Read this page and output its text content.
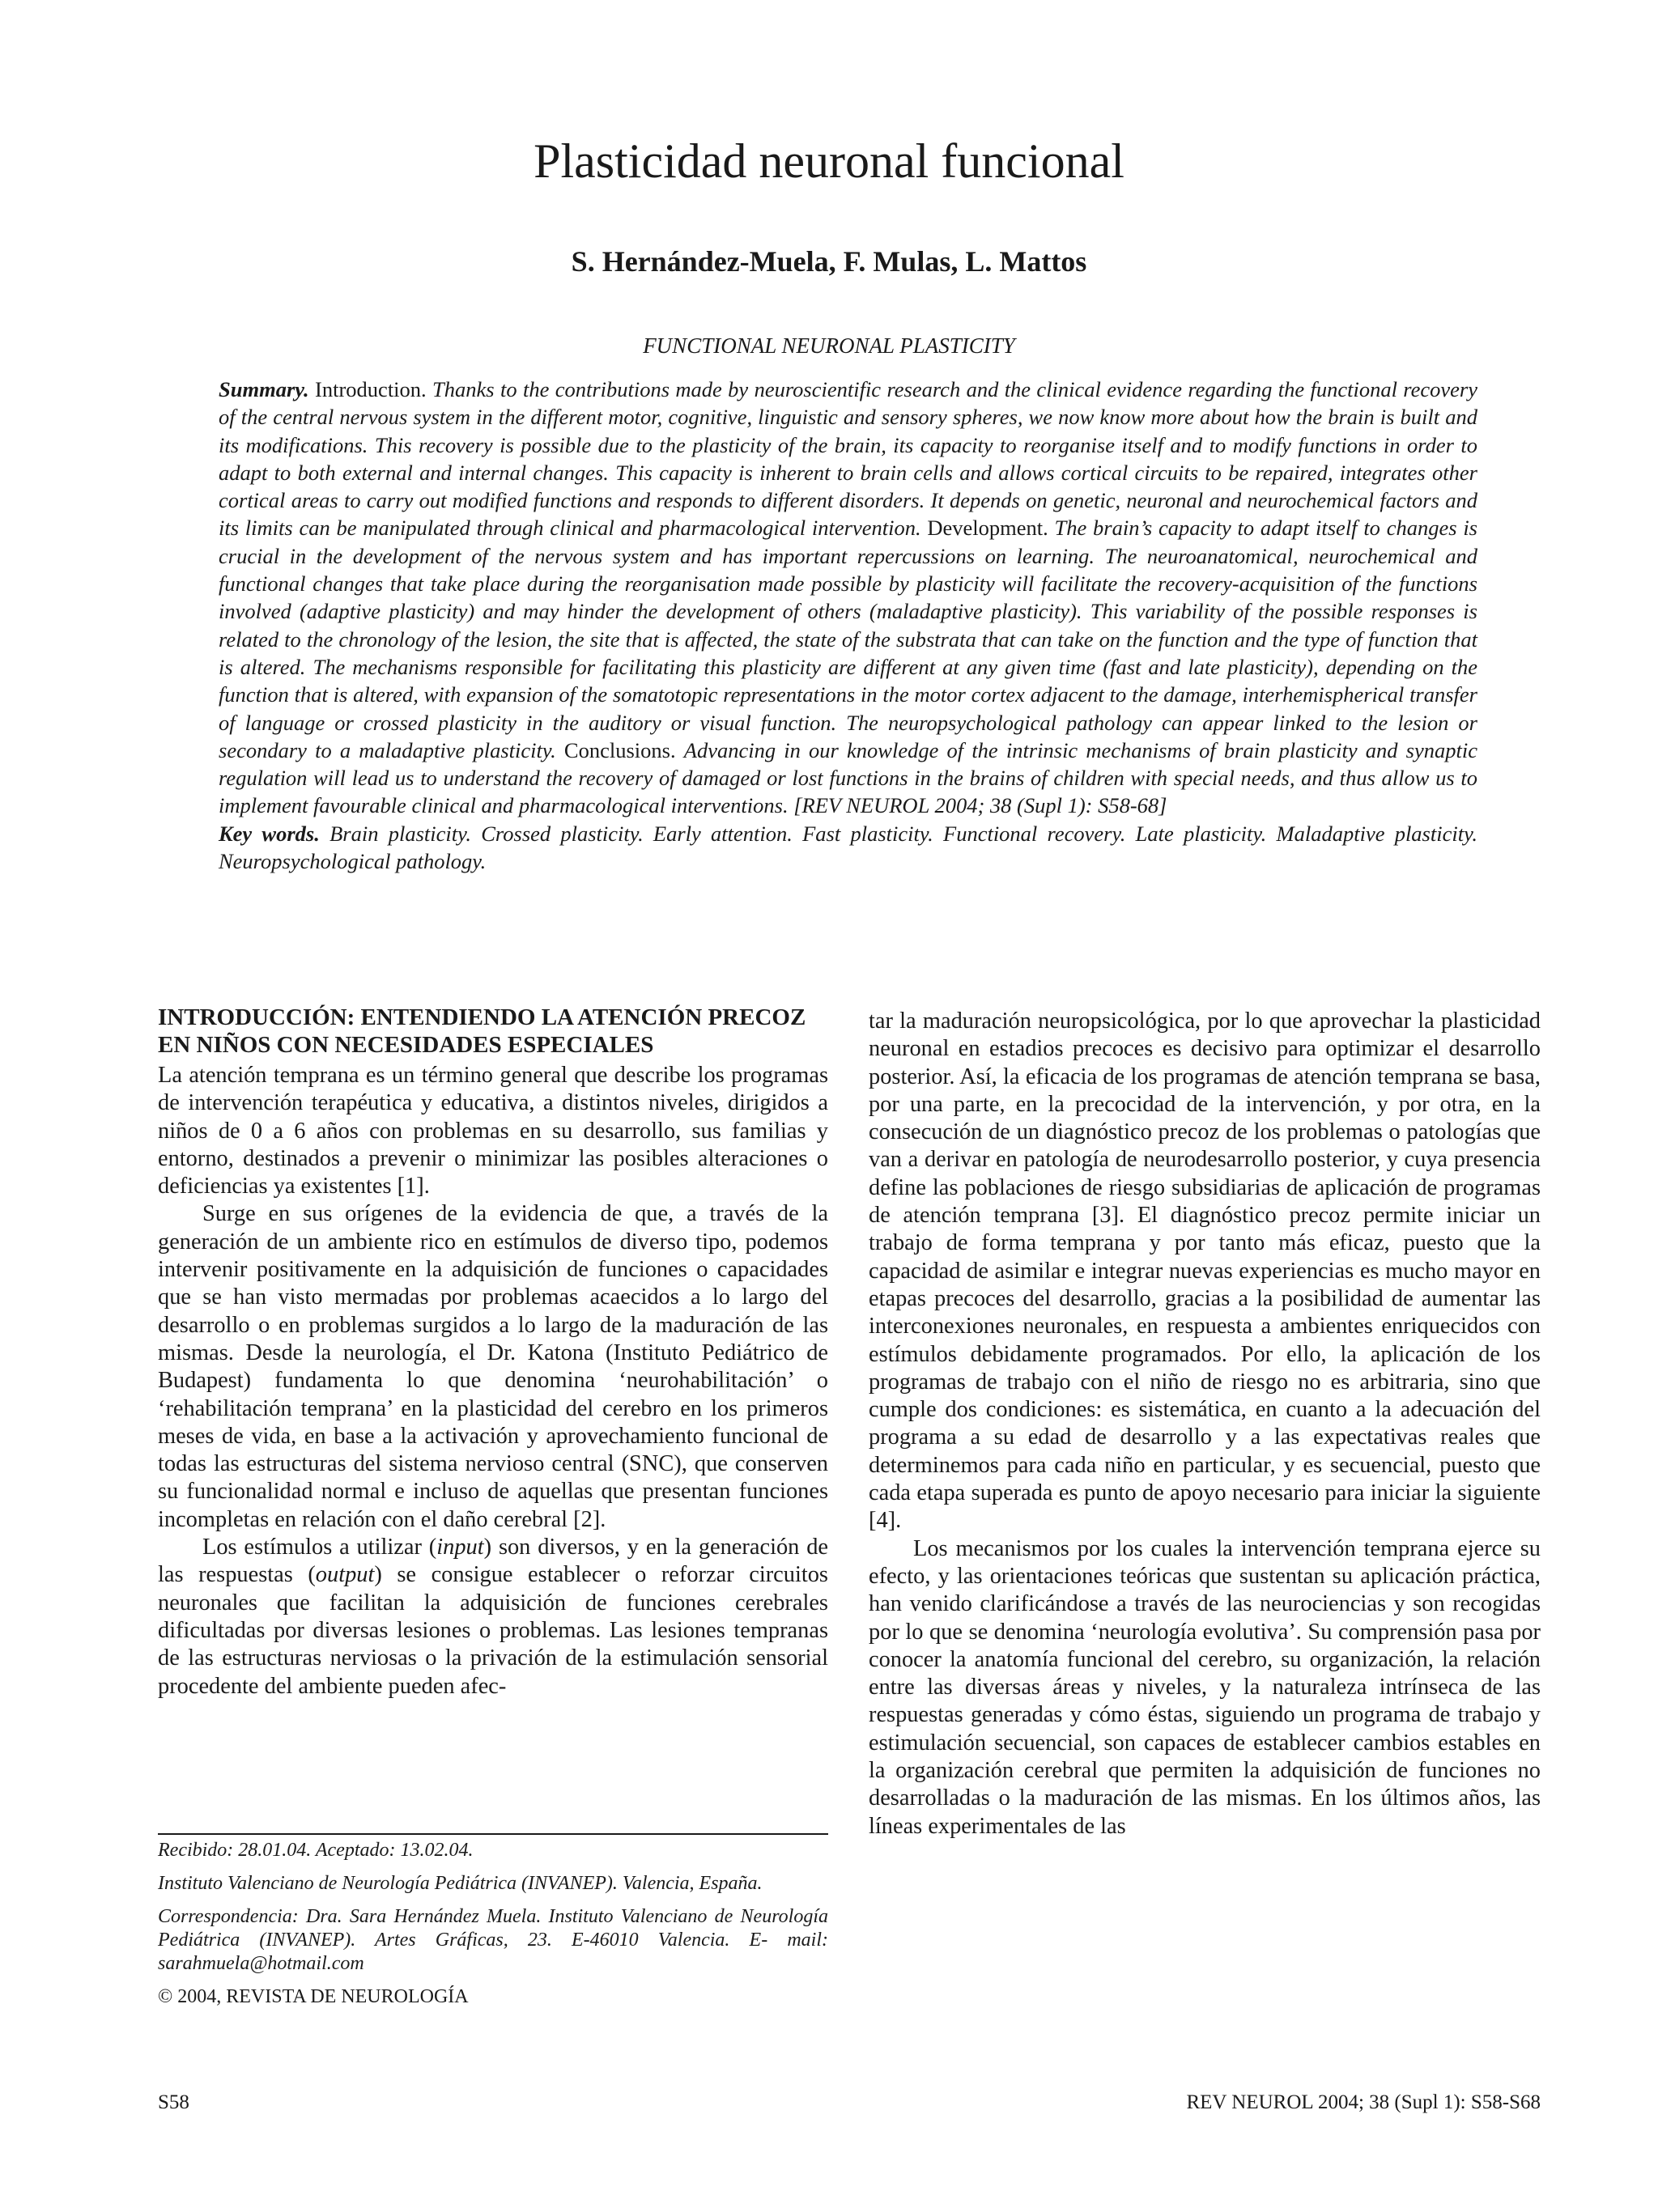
Plasticidad neuronal funcional
S. Hernández-Muela, F. Mulas, L. Mattos
FUNCTIONAL NEURONAL PLASTICITY

Summary. Introduction. Thanks to the contributions made by neuroscientific research and the clinical evidence regarding the functional recovery of the central nervous system in the different motor, cognitive, linguistic and sensory spheres, we now know more about how the brain is built and its modifications. This recovery is possible due to the plasticity of the brain, its capacity to reorganise itself and to modify functions in order to adapt to both external and internal changes. This capacity is inherent to brain cells and allows cortical circuits to be repaired, integrates other cortical areas to carry out modified functions and responds to different disorders. It depends on genetic, neuronal and neurochemical factors and its limits can be manipulated through clinical and pharmacological intervention. Development. The brain’s capacity to adapt itself to changes is crucial in the development of the nervous system and has important repercussions on learning. The neuroanatomical, neurochemical and functional changes that take place during the reorganisation made possible by plasticity will facilitate the recovery-acquisition of the functions involved (adaptive plasticity) and may hinder the development of others (maladaptive plasticity). This variability of the possible responses is related to the chronology of the lesion, the site that is affected, the state of the substrata that can take on the function and the type of function that is altered. The mechanisms responsible for facilitating this plasticity are different at any given time (fast and late plasticity), depending on the function that is altered, with expansion of the somatotopic representations in the motor cortex adjacent to the damage, interhemispherical transfer of language or crossed plasticity in the auditory or visual function. The neuropsychological pathology can appear linked to the lesion or secondary to a maladaptive plasticity. Conclusions. Advancing in our knowledge of the intrinsic mechanisms of brain plasticity and synaptic regulation will lead us to understand the recovery of damaged or lost functions in the brains of children with special needs, and thus allow us to implement favourable clinical and pharmacological interventions. [REV NEUROL 2004; 38 (Supl 1): S58-68]

Key words. Brain plasticity. Crossed plasticity. Early attention. Fast plasticity. Functional recovery. Late plasticity. Maladaptive plasticity. Neuropsychological pathology.

INTRODUCCIÓN: ENTENDIENDO LA ATENCIÓN PRECOZ EN NIÑOS CON NECESIDADES ESPECIALES

La atención temprana es un término general que describe los programas de intervención terapéutica y educativa, a distintos niveles, dirigidos a niños de 0 a 6 años con problemas en su desarrollo, sus familias y entorno, destinados a prevenir o minimizar las posibles alteraciones o deficiencias ya existentes [1].

Surge en sus orígenes de la evidencia de que, a través de la generación de un ambiente rico en estímulos de diverso tipo, podemos intervenir positivamente en la adquisición de funciones o capacidades que se han visto mermadas por problemas acaecidos a lo largo del desarrollo o en problemas surgidos a lo largo de la maduración de las mismas. Desde la neurología, el Dr. Katona (Instituto Pediátrico de Budapest) fundamenta lo que denomina ‘neurohabilitación’ o ‘rehabilitación temprana’ en la plasticidad del cerebro en los primeros meses de vida, en base a la activación y aprovechamiento funcional de todas las estructuras del sistema nervioso central (SNC), que conserven su funcionalidad normal e incluso de aquellas que presentan funciones incompletas en relación con el daño cerebral [2].

Los estímulos a utilizar (input) son diversos, y en la generación de las respuestas (output) se consigue establecer o reforzar circuitos neuronales que facilitan la adquisición de funciones cerebrales dificultadas por diversas lesiones o problemas. Las lesiones tempranas de las estructuras nerviosas o la privación de la estimulación sensorial procedente del ambiente pueden afec-

Recibido: 28.01.04. Aceptado: 13.02.04.

Instituto Valenciano de Neurología Pediátrica (INVANEP). Valencia, España.

Correspondencia: Dra. Sara Hernández Muela. Instituto Valenciano de Neurología Pediátrica (INVANEP). Artes Gráficas, 23. E-46010 Valencia. E- mail: sarahmuela@hotmail.com

© 2004, REVISTA DE NEUROLOGÍA

tar la maduración neuropsicológica, por lo que aprovechar la plasticidad neuronal en estadios precoces es decisivo para optimizar el desarrollo posterior. Así, la eficacia de los programas de atención temprana se basa, por una parte, en la precocidad de la intervención, y por otra, en la consecución de un diagnóstico precoz de los problemas o patologías que van a derivar en patología de neurodesarrollo posterior, y cuya presencia define las poblaciones de riesgo subsidiarias de aplicación de programas de atención temprana [3]. El diagnóstico precoz permite iniciar un trabajo de forma temprana y por tanto más eficaz, puesto que la capacidad de asimilar e integrar nuevas experiencias es mucho mayor en etapas precoces del desarrollo, gracias a la posibilidad de aumentar las interconexiones neuronales, en respuesta a ambientes enriquecidos con estímulos debidamente programados. Por ello, la aplicación de los programas de trabajo con el niño de riesgo no es arbitraria, sino que cumple dos condiciones: es sistemática, en cuanto a la adecuación del programa a su edad de desarrollo y a las expectativas reales que determinemos para cada niño en particular, y es secuencial, puesto que cada etapa superada es punto de apoyo necesario para iniciar la siguiente [4].

Los mecanismos por los cuales la intervención temprana ejerce su efecto, y las orientaciones teóricas que sustentan su aplicación práctica, han venido clarificándose a través de las neurociencias y son recogidas por lo que se denomina ‘neurología evolutiva’. Su comprensión pasa por conocer la anatomía funcional del cerebro, su organización, la relación entre las diversas áreas y niveles, y la naturaleza intrínseca de las respuestas generadas y cómo éstas, siguiendo un programa de trabajo y estimulación secuencial, son capaces de establecer cambios estables en la organización cerebral que permiten la adquisición de funciones no desarrolladas o la maduración de las mismas. En los últimos años, las líneas experimentales de las

S58	REV NEUROL 2004; 38 (Supl 1): S58-S68
